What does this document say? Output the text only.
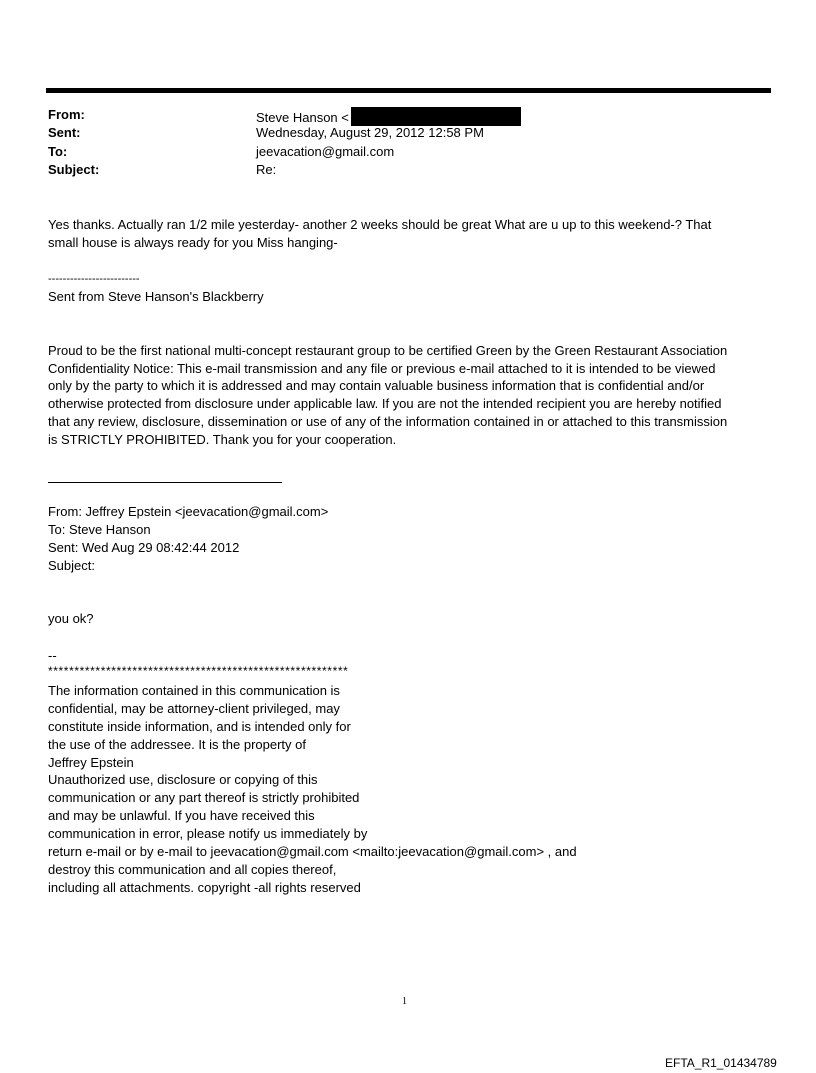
From:	Steve Hanson <
Sent:	Wednesday, August 29, 2012 12:58 PM
To:	jeevacation@gmail.com
Subject:	Re:
Yes thanks. Actually ran 1/2 mile yesterday- another 2 weeks should be great What are u up to this weekend-? That
small house is always ready for you Miss hanging-
-------------------------
Sent from Steve Hanson's Blackberry
Proud to be the first national multi-concept restaurant group to be certified Green by the Green Restaurant Association
Confidentiality Notice: This e-mail transmission and any file or previous e-mail attached to it is intended to be viewed
only by the party to which it is addressed and may contain valuable business information that is confidential and/or
otherwise protected from disclosure under applicable law. If you are not the intended recipient you are hereby notified
that any review, disclosure, dissemination or use of any of the information contained in or attached to this transmission
is STRICTLY PROHIBITED. Thank you for your cooperation.
From: Jeffrey Epstein <jeevacation@gmail.com>
To: Steve Hanson
Sent: Wed Aug 29 08:42:44 2012
Subject:
you ok?
--
*********************************************************
The information contained in this communication is
confidential, may be attorney-client privileged, may
constitute inside information, and is intended only for
the use of the addressee. It is the property of
Jeffrey Epstein
Unauthorized use, disclosure or copying of this
communication or any part thereof is strictly prohibited
and may be unlawful. If you have received this
communication in error, please notify us immediately by
return e-mail or by e-mail to jeevacation@gmail.com <mailto:jeevacation@gmail.com> , and
destroy this communication and all copies thereof,
including all attachments. copyright -all rights reserved
1
EFTA_R1_01434789
